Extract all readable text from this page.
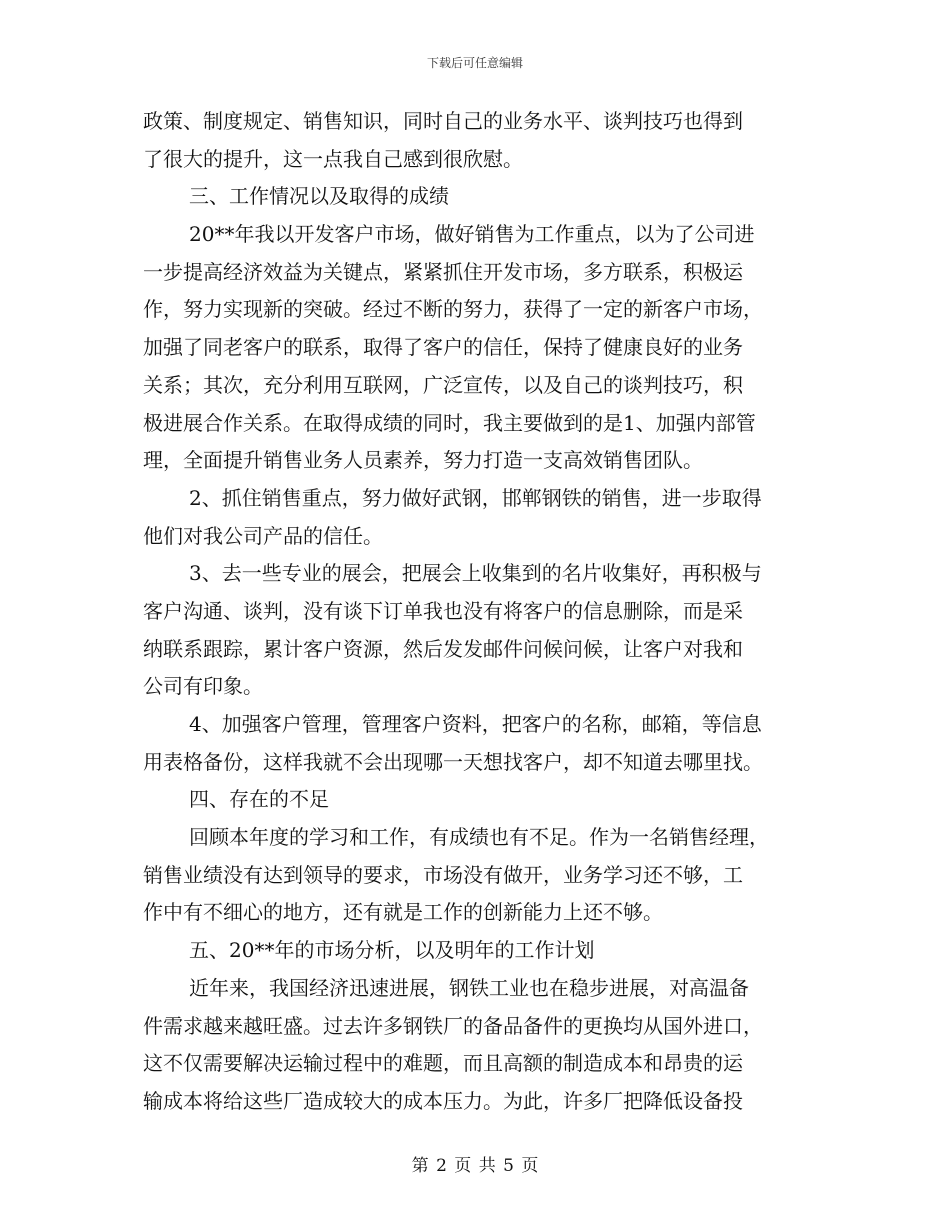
下载后可任意编辑
政策、制度规定、销售知识，同时自己的业务水平、谈判技巧也得到
了很大的提升，这一点我自己感到很欣慰。
三、工作情况以及取得的成绩
20**年我以开发客户市场，做好销售为工作重点，以为了公司进
一步提高经济效益为关键点，紧紧抓住开发市场，多方联系，积极运
作，努力实现新的突破。经过不断的努力，获得了一定的新客户市场，
加强了同老客户的联系，取得了客户的信任，保持了健康良好的业务
关系；其次，充分利用互联网，广泛宣传，以及自己的谈判技巧，积
极进展合作关系。在取得成绩的同时，我主要做到的是1、加强内部管
理，全面提升销售业务人员素养，努力打造一支高效销售团队。
2、抓住销售重点，努力做好武钢，邯郸钢铁的销售，进一步取得
他们对我公司产品的信任。
3、去一些专业的展会，把展会上收集到的名片收集好，再积极与
客户沟通、谈判，没有谈下订单我也没有将客户的信息删除，而是采
纳联系跟踪，累计客户资源，然后发发邮件问候问候，让客户对我和
公司有印象。
4、加强客户管理，管理客户资料，把客户的名称，邮箱，等信息
用表格备份，这样我就不会出现哪一天想找客户，却不知道去哪里找。
四、存在的不足
回顾本年度的学习和工作，有成绩也有不足。作为一名销售经理，
销售业绩没有达到领导的要求，市场没有做开，业务学习还不够，工
作中有不细心的地方，还有就是工作的创新能力上还不够。
五、20**年的市场分析，以及明年的工作计划
近年来，我国经济迅速进展，钢铁工业也在稳步进展，对高温备
件需求越来越旺盛。过去许多钢铁厂的备品备件的更换均从国外进口，
这不仅需要解决运输过程中的难题，而且高额的制造成本和昂贵的运
输成本将给这些厂造成较大的成本压力。为此，许多厂把降低设备投
第 2 页 共 5 页
